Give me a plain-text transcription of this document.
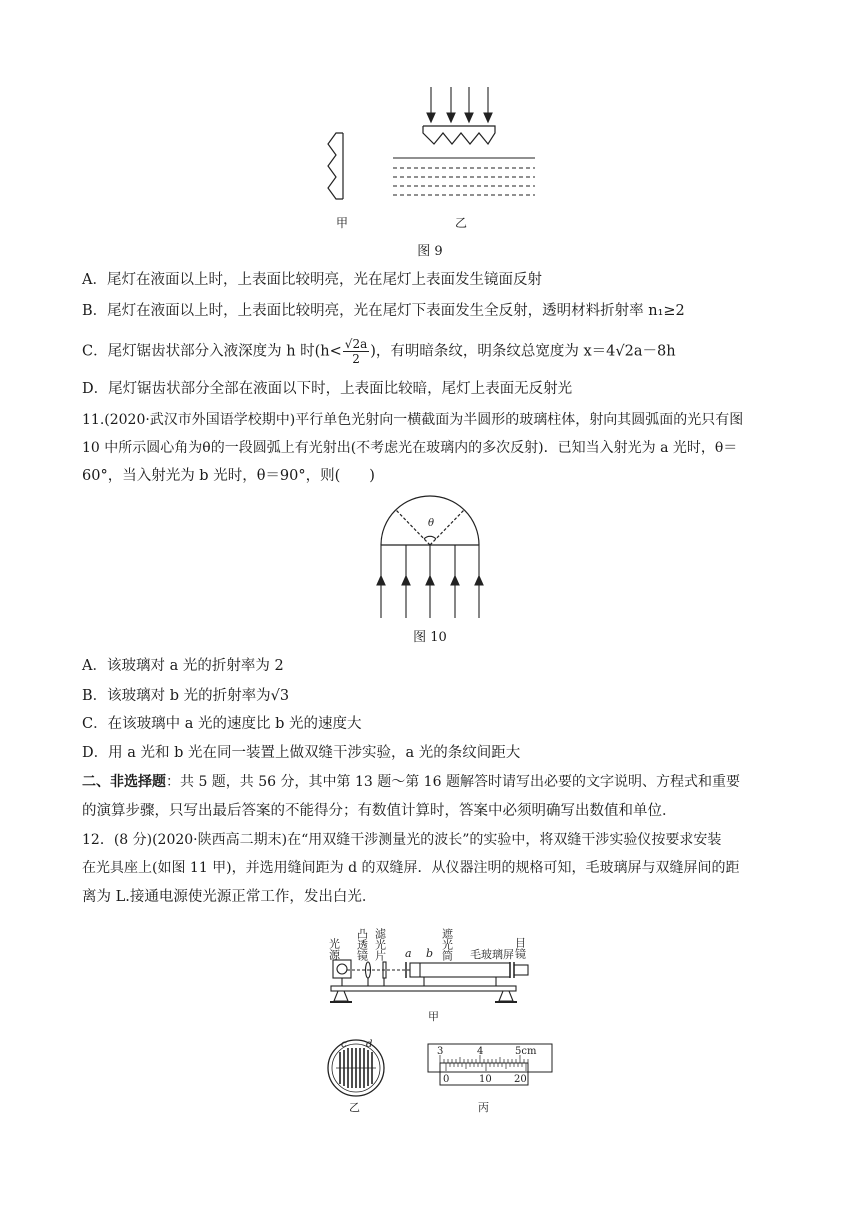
甲	乙
图 9
A．尾灯在液面以上时，上表面比较明亮，光在尾灯上表面发生镜面反射
B．尾灯在液面以上时，上表面比较明亮，光在尾灯下表面发生全反射，透明材料折射率 n₁≥2
C．尾灯锯齿状部分入液深度为 h 时($h< \frac{√2a}{2}$ )，有明暗条纹，明条纹总宽度为 x＝4√2a－8h
D．尾灯锯齿状部分全部在液面以下时，上表面比较暗，尾灯上表面无反射光
11.(2020·武汉市外国语学校期中)平行单色光射向一横截面为半圆形的玻璃柱体，射向其圆弧面的光只有图
10 中所示圆心角为θ的一段圆弧上有光射出(不考虑光在玻璃内的多次反射)．已知当入射光为 a 光时，θ＝
60°，当入射光为 b 光时，θ＝90°，则(　　)
θ
图 10
A．该玻璃对 a 光的折射率为 2
B．该玻璃对 b 光的折射率为√3
C．在该玻璃中 a 光的速度比 b 光的速度大
D．用 a 光和 b 光在同一装置上做双缝干涉实验，a 光的条纹间距大
二、非选择题：共 5 题，共 56 分，其中第 13 题～第 16 题解答时请写出必要的文字说明、方程式和重要
的演算步骤，只写出最后答案的不能得分；有数值计算时，答案中必须明确写出数值和单位．
12．(8 分)(2020·陕西高二期末)在“用双缝干涉测量光的波长”的实验中，将双缝干涉实验仪按要求安装
在光具座上(如图 11 甲)，并选用缝间距为 d 的双缝屏．从仪器注明的规格可知，毛玻璃屏与双缝屏间的距
离为 L.接通电源使光源正常工作，发出白光．
光源 凸透镜 滤光片 a b 遮光筒 毛玻璃屏 目镜
甲
c d
乙
3	4	5cm
0	10 20
丙
